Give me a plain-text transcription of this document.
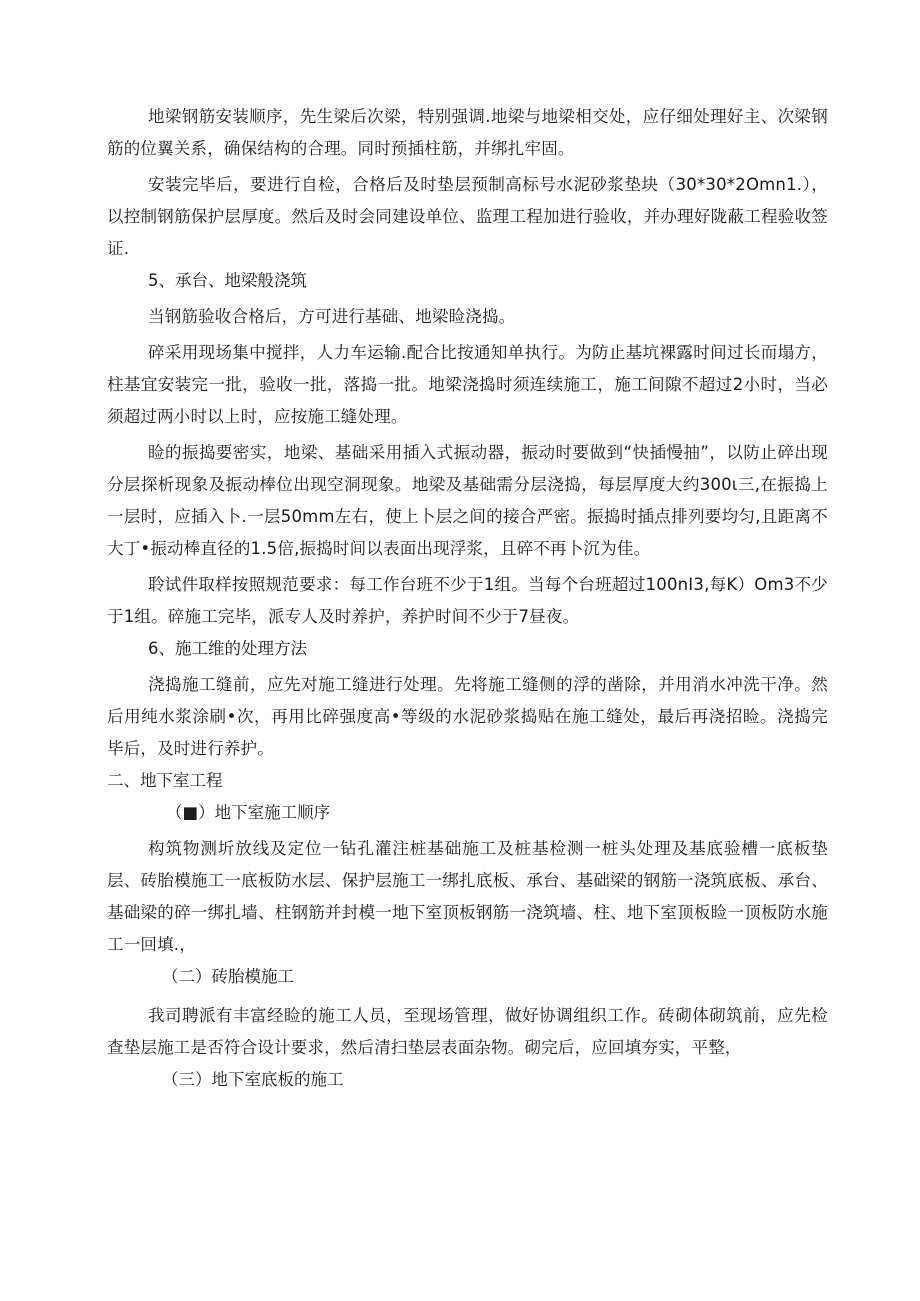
地梁钢筋安装顺序，先生梁后次梁，特别强调.地梁与地梁相交处，应仔细处理好主、次梁钢筋的位翼关系，确保结构的合理。同时预插柱筋，并绑扎牢固。

安装完毕后，要进行自检，合格后及时垫层预制高标号水泥砂浆垫块（30*30*2Omn1.），以控制钢筋保护层厚度。然后及时会同建设单位、监理工程加进行验收，并办理好陇蔽工程验收签证.

5、承台、地梁般浇筑

当钢筋验收合格后，方可进行基础、地梁睑浇捣。

碎采用现场集中搅拌，人力车运输.配合比按通知单执行。为防止基坑裸露时间过长而塌方，柱基宜安装完一批，验收一批，落捣一批。地梁浇捣时须连续施工，施工间隙不超过2小时，当必须超过两小时以上时，应按施工缝处理。

睑的振捣要密实，地梁、基础采用插入式振动器，振动时要做到“快插慢抽”，以防止碎出现分层探析现象及振动棒位出现空洞现象。地梁及基础需分层浇捣，每层厚度大约300ι三,在振捣上一层时，应插入卜.一层50mm左右，使上卜层之间的接合严密。振捣时插点排列要均匀,且距离不大丁•振动棒直径的1.5倍,振捣时间以表面出现浮浆，且碎不再卜沉为佳。

聆试件取样按照规范要求：每工作台班不少于1组。当每个台班超过100nI3,每K）Om3不少于1组。碎施工完毕，派专人及时养护，养护时间不少于7昼夜。

6、施工维的处理方法

浇捣施工缝前，应先对施工缝进行处理。先将施工缝侧的浮的凿除，并用消水冲洗干净。然后用纯水浆涂刷•次，再用比碎强度高•等级的水泥砂浆捣贴在施工缝处，最后再浇招睑。浇捣完毕后，及时进行养护。

二、地下室工程

（■）地下室施工顺序

构筑物测圻放线及定位一钻孔灌注桩基础施工及桩基检测一桩头处理及基底验槽一底板垫层、砖胎模施工一底板防水层、保护层施工一绑扎底板、承台、基础梁的钢筋一浇筑底板、承台、基础梁的碎一绑扎墙、柱钢筋并封模一地下室顶板钢筋一浇筑墙、柱、地下室顶板睑一顶板防水施工一回填.，

（二）砖胎模施工

我司聘派有丰富经睑的施工人员，至现场管理，做好协调组织工作。砖砌体砌筑前，应先检查垫层施工是否符合设计要求，然后清扫垫层表面杂物。砌完后，应回填夯实，平整，

（三）地下室底板的施工
